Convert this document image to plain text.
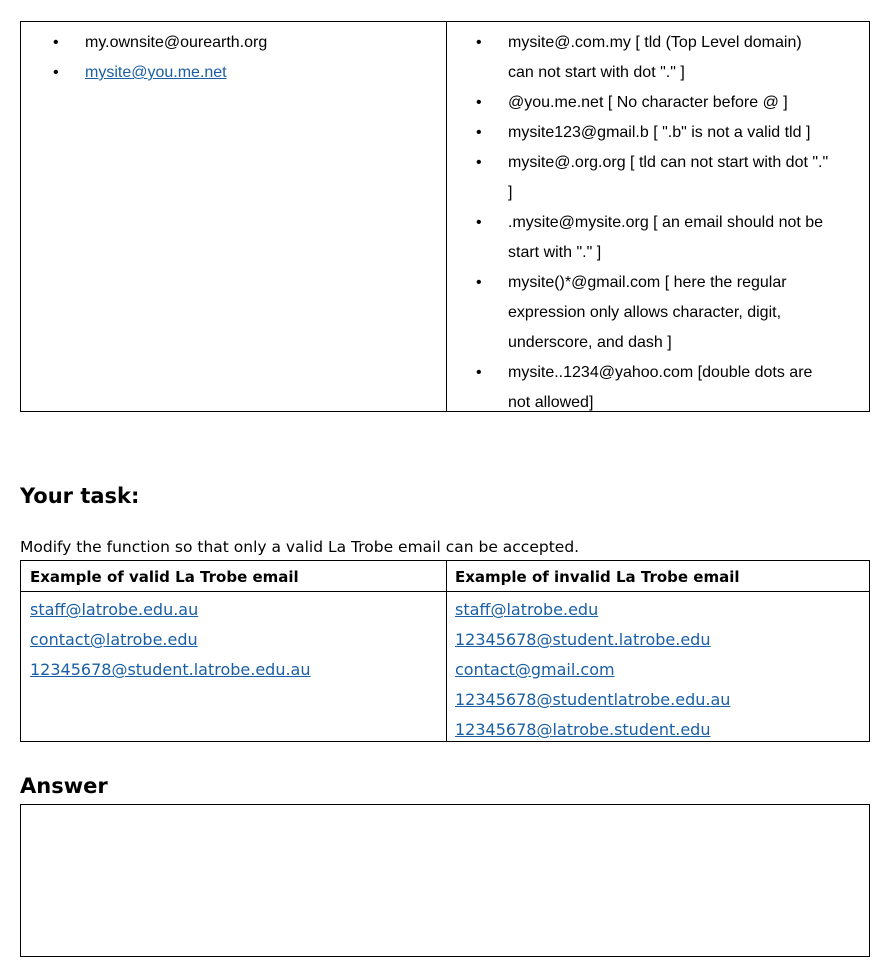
• my.ownsite@ourearth.org
• mysite@you.me.net
• mysite@.com.my [ tld (Top Level domain)
can not start with dot "." ]
• @you.me.net [ No character before @ ]
• mysite123@gmail.b [ ".b" is not a valid tld ]
• mysite@.org.org [ tld can not start with dot "."
]
• .mysite@mysite.org [ an email should not be
start with "." ]
• mysite()*@gmail.com [ here the regular
expression only allows character, digit,
underscore, and dash ]
• mysite..1234@yahoo.com [double dots are
not allowed]
Your task:
Modify the function so that only a valid La Trobe email can be accepted.
Example of valid La Trobe email	Example of invalid La Trobe email
staff@latrobe.edu.au
contact@latrobe.edu
12345678@student.latrobe.edu.au
staff@latrobe.edu
12345678@student.latrobe.edu
contact@gmail.com
12345678@studentlatrobe.edu.au
12345678@latrobe.student.edu
Answer
